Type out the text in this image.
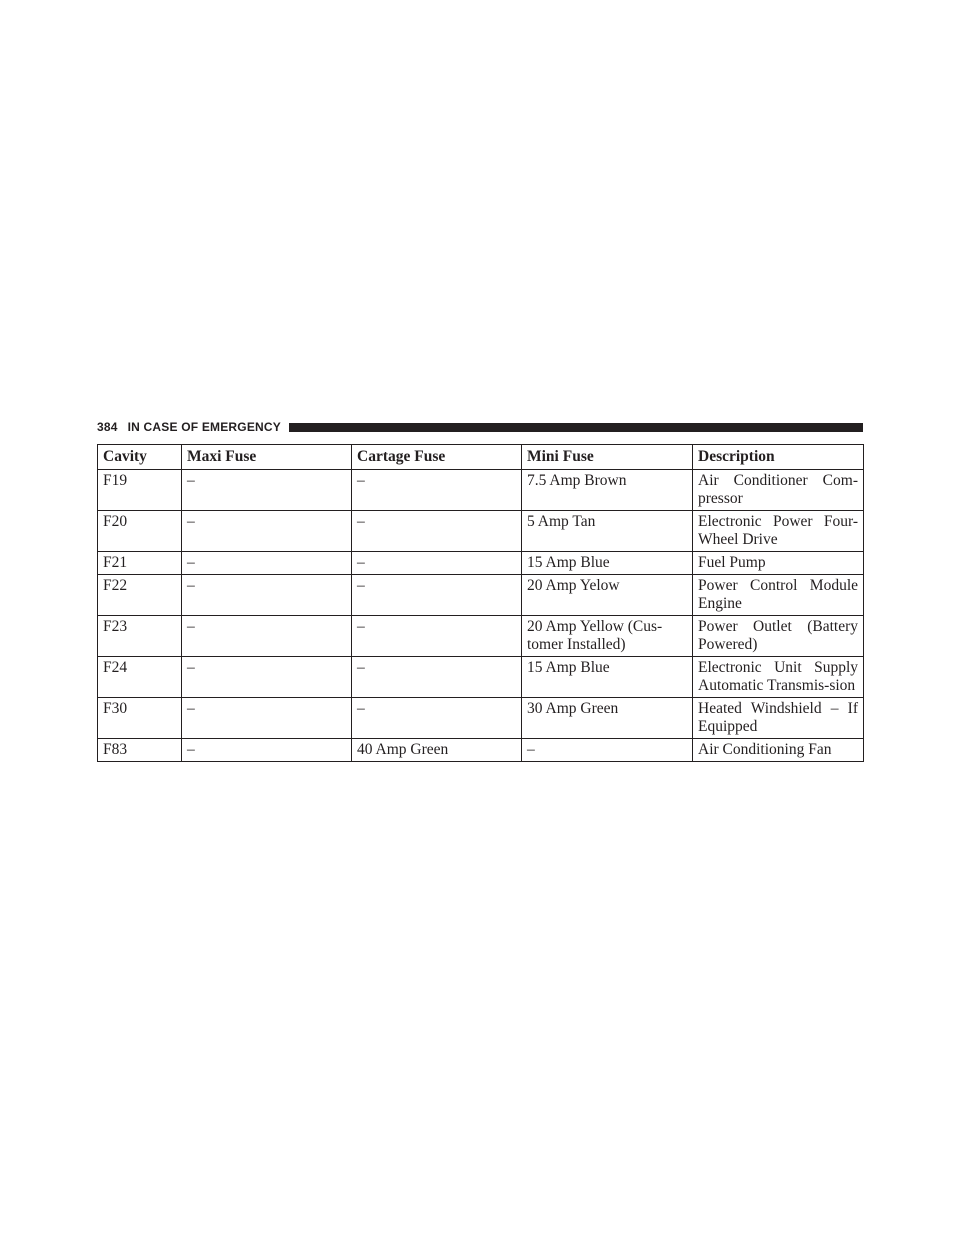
384 IN CASE OF EMERGENCY
Cavity	Maxi Fuse	Cartage Fuse	Mini Fuse	Description
F19	–	–	7.5 Amp Brown	Air Conditioner Com-pressor
F20	–	–	5 Amp Tan	Electronic Power Four-Wheel Drive
F21	–	–	15 Amp Blue	Fuel Pump
F22	–	–	20 Amp Yelow	Power Control Module Engine
F23	–	–	20 Amp Yellow (Cus-tomer Installed)	Power Outlet (Battery Powered)
F24	–	–	15 Amp Blue	Electronic Unit Supply Automatic Transmis-sion
F30	–	–	30 Amp Green	Heated Windshield – If Equipped
F83	–	40 Amp Green	–	Air Conditioning Fan
